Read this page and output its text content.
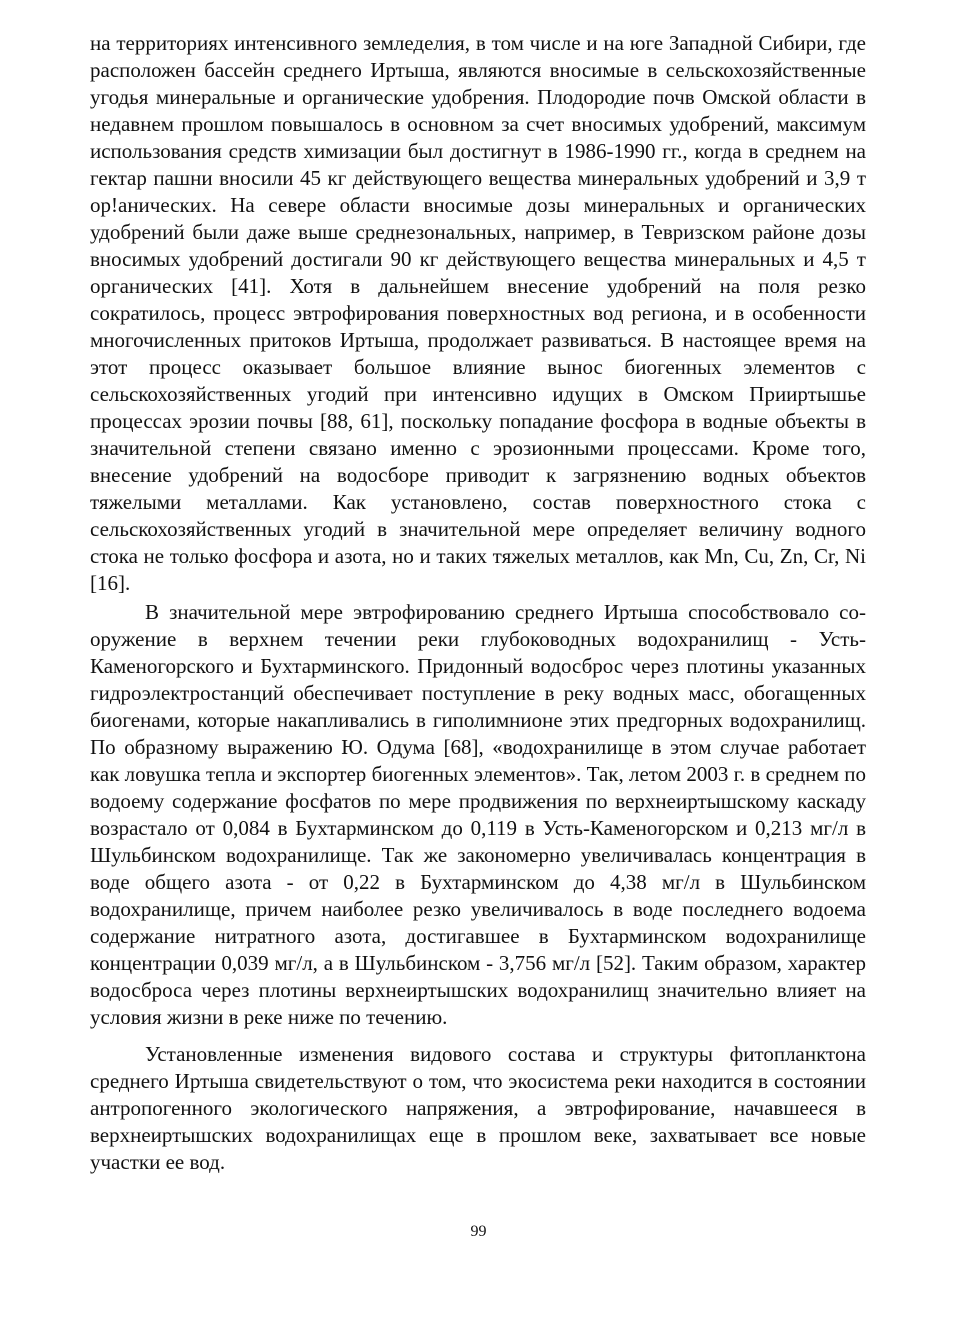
на территориях интенсивного земледелия, в том числе и на юге Западной Сибири, где расположен бассейн среднего Иртыша, являются вносимые в сельскохозяйственные угодья минеральные и органические удобрения. Плодородие почв Омской области в недавнем прошлом повышалось в основном за счет вносимых удобрений, максимум использования средств химизации был достигнут в 1986-1990 гг., когда в среднем на гектар пашни вносили 45 кг действующего вещества минеральных удобрений и 3,9 т ор!анических. На севере области вносимые дозы минеральных и органических удобрений были даже выше среднезональных, например, в Тевризском районе дозы вносимых удобрений достигали 90 кг действующего вещества минеральных и 4,5 т органических [41]. Хотя в дальнейшем внесение удобрений на поля резко сократилось, процесс эвтрофирования поверхностных вод региона, и в особенности многочисленных притоков Иртыша, продолжает развиваться. В настоящее время на этот процесс оказывает большое влияние вынос биогенных элементов с сельскохозяйственных угодий при интенсивно идущих в Омском Прииртышье процессах эрозии почвы [88, 61], поскольку попадание фосфора в водные объекты в значительной степени связано именно с эрозионными процессами. Кроме того, внесение удобрений на водосборе приводит к загрязнению водных объектов тяжелыми металлами. Как установлено, состав поверхностного стока с сельскохозяйственных угодий в значительной мере определяет величину водного стока не только фосфора и азота, но и таких тяжелых металлов, как Mn, Cu, Zn, Cr, Ni [16].

В значительной мере эвтрофированию среднего Иртыша способствовало сооружение в верхнем течении реки глубоководных водохранилищ - Усть-Каменогорского и Бухтарминского. Придонный водосброс через плотины указанных гидроэлектростанций обеспечивает поступление в реку водных масс, обогащенных биогенами, которые накапливались в гиполимнионе этих предгорных водохранилищ. По образному выражению Ю. Одума [68], «водохранилище в этом случае работает как ловушка тепла и экспортер биогенных элементов». Так, летом 2003 г. в среднем по водоему содержание фосфатов по мере продвижения по верхнеиртышскому каскаду возрастало от 0,084 в Бухтарминском до 0,119 в Усть-Каменогорском и 0,213 мг/л в Шульбинском водохранилище. Так же закономерно увеличивалась концентрация в воде общего азота - от 0,22 в Бухтарминском до 4,38 мг/л в Шульбинском водохранилище, причем наиболее резко увеличивалось в воде последнего водоема содержание нитратного азота, достигавшее в Бухтарминском водохранилище концентрации 0,039 мг/л, а в Шульбинском - 3,756 мг/л [52]. Таким образом, характер водосброса через плотины верхнеиртышских водохранилищ значительно влияет на условия жизни в реке ниже по течению.

Установленные изменения видового состава и структуры фитопланктона среднего Иртыша свидетельствуют о том, что экосистема реки находится в состоянии антропогенного экологического напряжения, а эвтрофирование, начавшееся в верхнеиртышских водохранилищах еще в прошлом веке, захватывает все новые участки ее вод.

99
